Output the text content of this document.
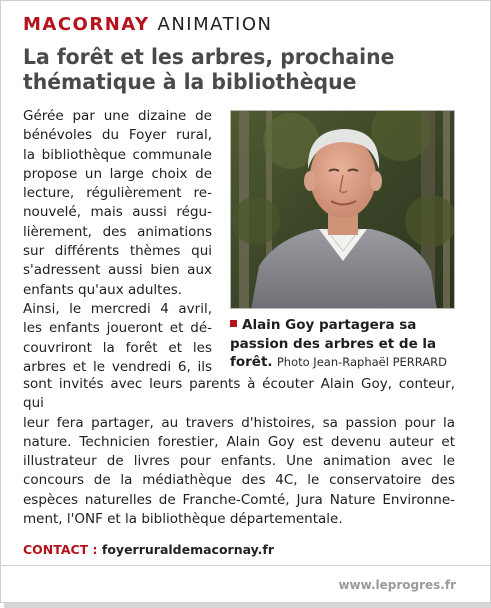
MACORNAY ANIMATION
La forêt et les arbres, prochaine
thématique à la bibliothèque
Gérée par une dizaine de
bénévoles du Foyer rural,
la bibliothèque communale
propose un large choix de
lecture, régulièrement re-
nouvelé, mais aussi régu-
lièrement, des animations
sur différents thèmes qui
s'adressent aussi bien aux
enfants qu'aux adultes.
Ainsi, le mercredi 4 avril,
les enfants joueront et dé-
couvriront la forêt et les
arbres et le vendredi 6, ils
Alain Goy partagera sa
passion des arbres et de la
forêt. Photo Jean-Raphaël PERRARD
sont invités avec leurs parents à écouter Alain Goy, conteur, qui
leur fera partager, au travers d'histoires, sa passion pour la
nature. Technicien forestier, Alain Goy est devenu auteur et
illustrateur de livres pour enfants. Une animation avec le
concours de la médiathèque des 4C, le conservatoire des
espèces naturelles de Franche-Comté, Jura Nature Environne-
ment, l'ONF et la bibliothèque départementale.
CONTACT : foyerruraldemacornay.fr
www.leprogres.fr
